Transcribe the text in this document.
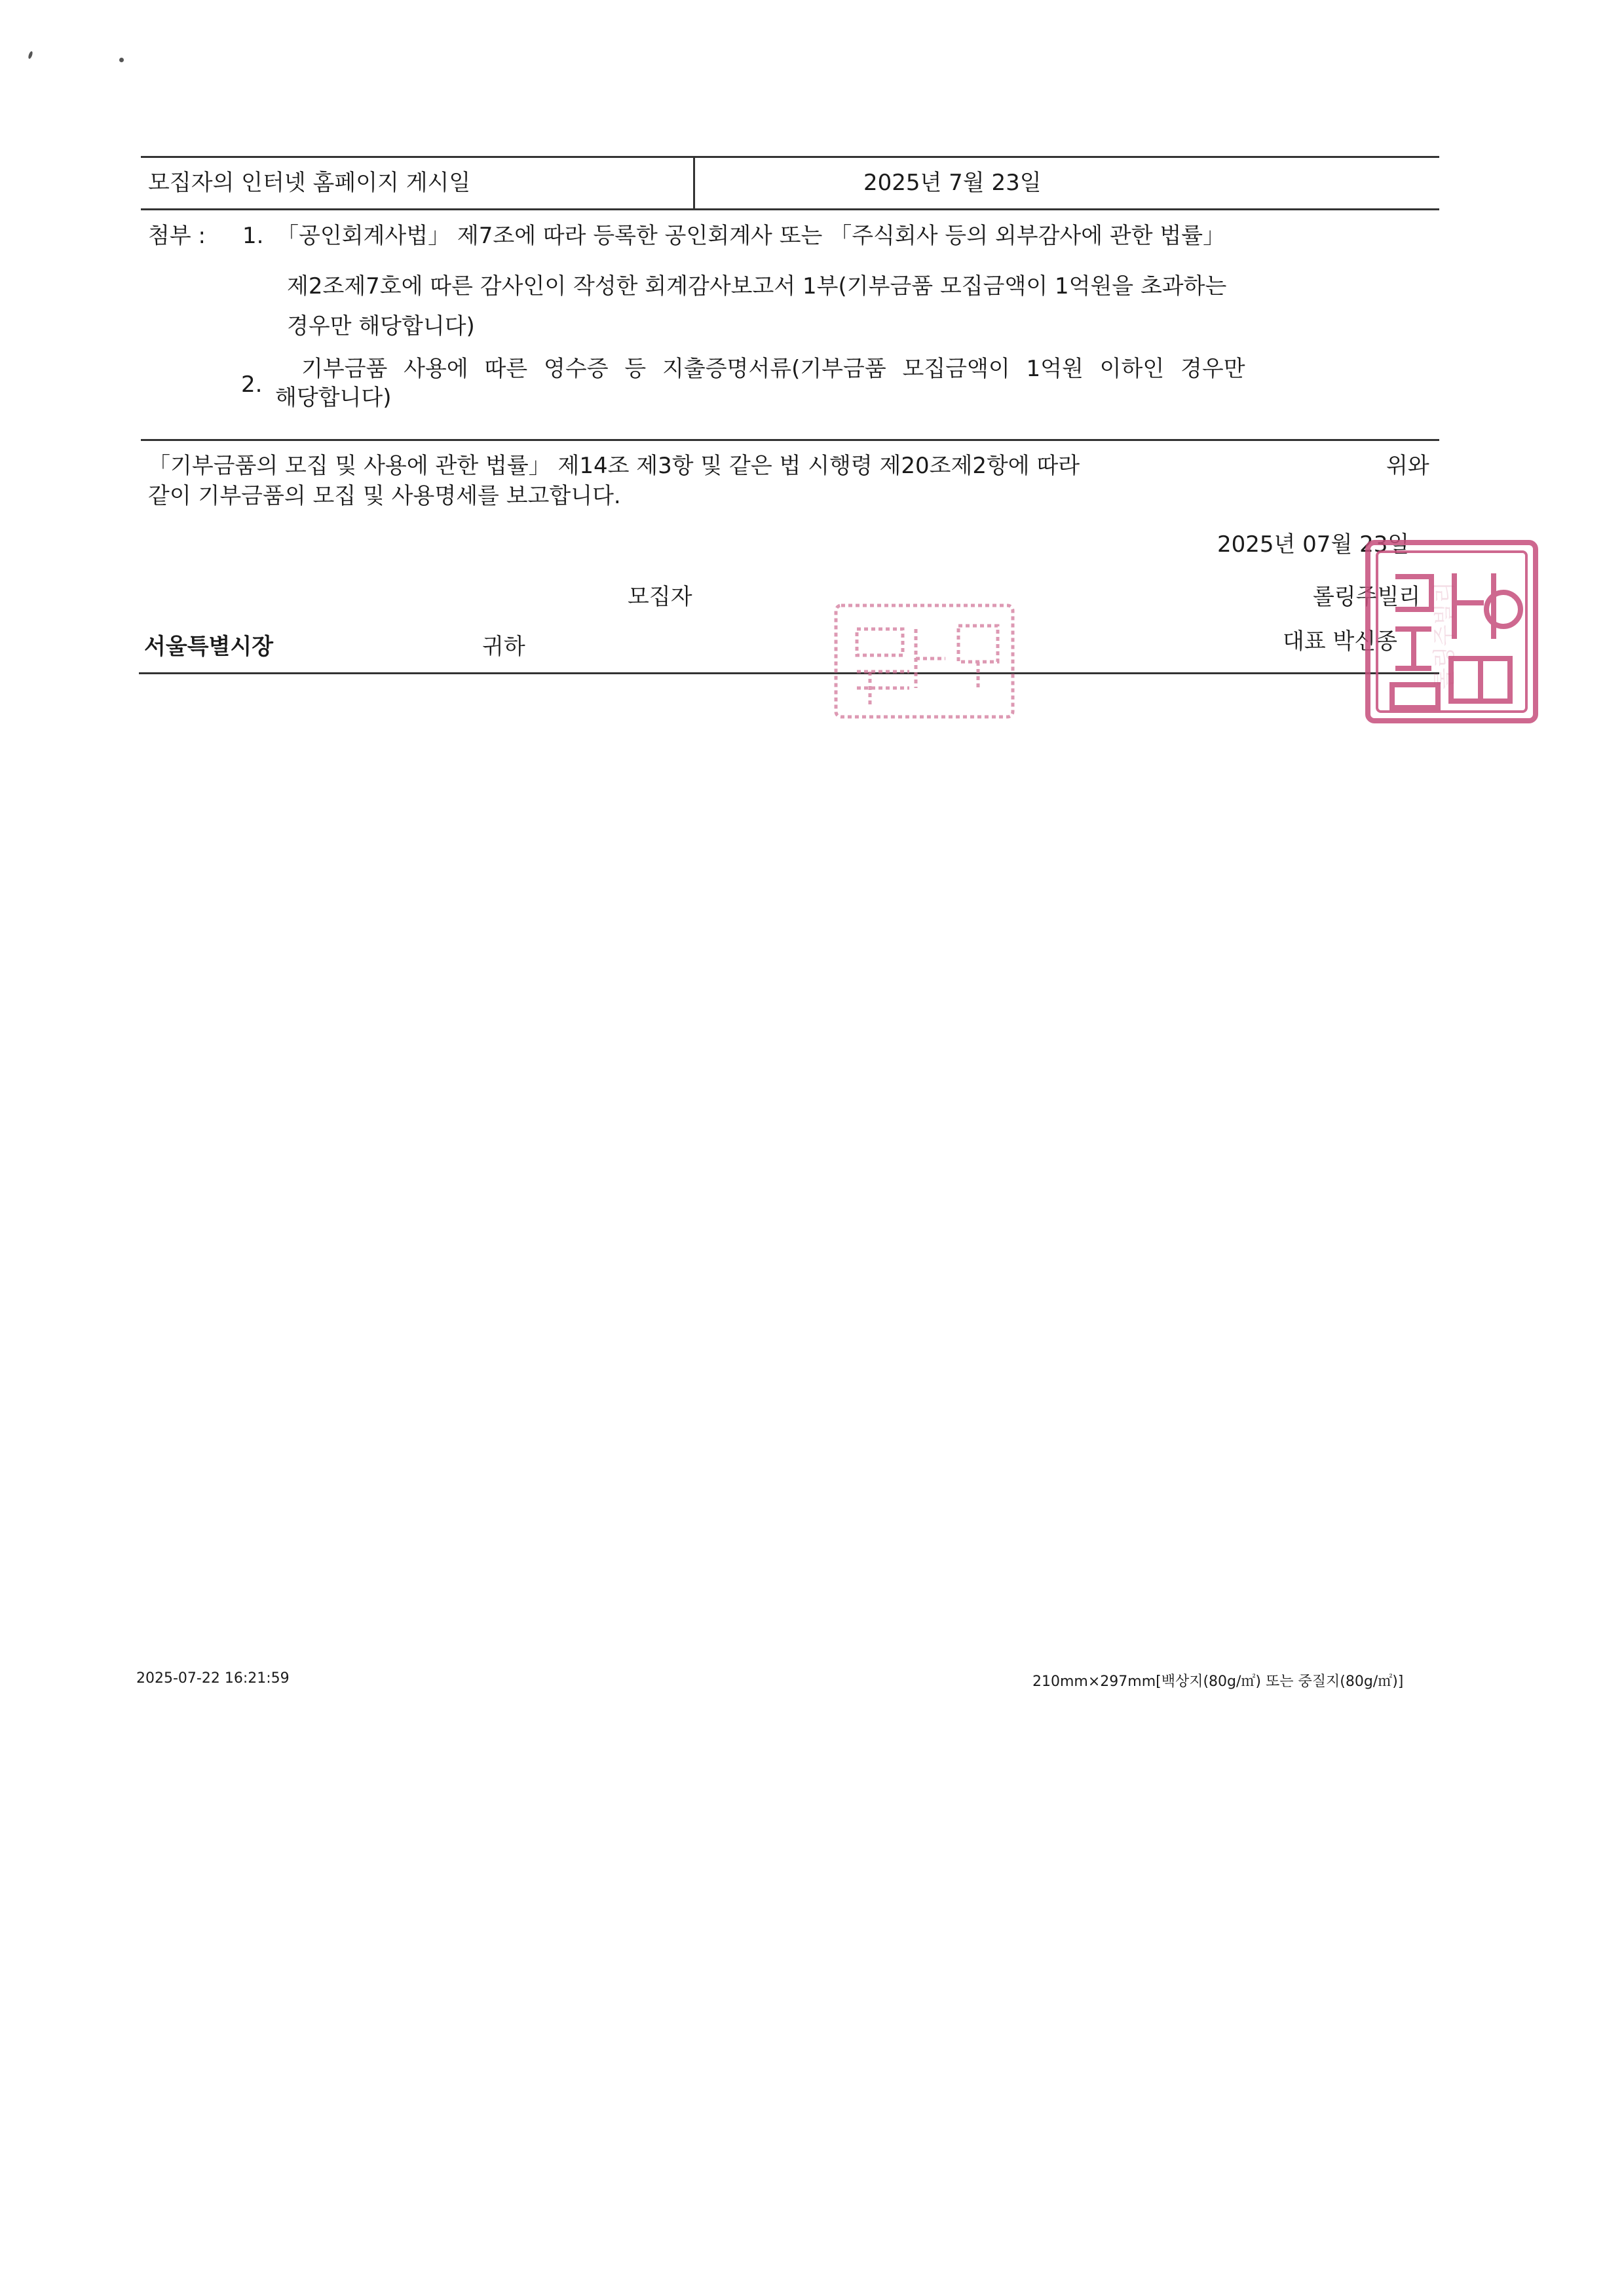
모집자의 인터넷 홈페이지 게시일	2025년 7월 23일
첨부 : 1. 「공인회계사법」 제7조에 따라 등록한 공인회계사 또는 「주식회사 등의 외부감사에 관한 법률」
제2조제7호에 따른 감사인이 작성한 회계감사보고서 1부(기부금품 모집금액이 1억원을 초과하는
경우만 해당합니다)
2.
기부금품 사용에 따른 영수증 등 지출증명서류(기부금품 모집금액이 1억원 이하인 경우만
해당합니다)
「기부금품의 모집 및 사용에 관한 법률」 제14조 제3항 및 같은 법 시행령 제20조제2항에 따라	위와
같이 기부금품의 모집 및 사용명세를 보고합니다.
2025년 07월 23일
모집자	롤링주빌리
서울특별시장	귀하	대표 박신종 롤링주빌리
2025-07-22 16:21:59	210mm×297mm[백상지(80g/㎡) 또는 중질지(80g/㎡)]
